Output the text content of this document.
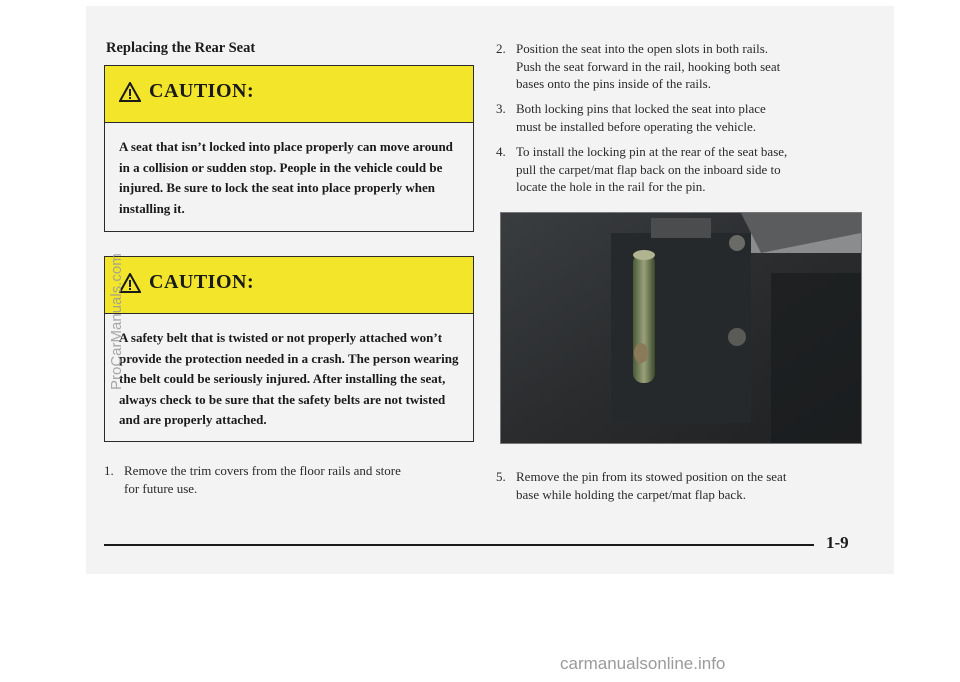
Replacing the Rear Seat
CAUTION:
A seat that isn’t locked into place properly can move around in a collision or sudden stop. People in the vehicle could be injured. Be sure to lock the seat into place properly when installing it.
CAUTION:
A safety belt that is twisted or not properly attached won’t provide the protection needed in a crash. The person wearing the belt could be seriously injured. After installing the seat, always check to be sure that the safety belts are not twisted and are properly attached.
1. Remove the trim covers from the floor rails and store
for future use.
2. Position the seat into the open slots in both rails.
Push the seat forward in the rail, hooking both seat
bases onto the pins inside of the rails.
3. Both locking pins that locked the seat into place
must be installed before operating the vehicle.
4. To install the locking pin at the rear of the seat base,
pull the carpet/mat flap back on the inboard side to
locate the hole in the rail for the pin.
5. Remove the pin from its stowed position on the seat
base while holding the carpet/mat flap back.
1-9
ProCarManuals.com
carmanualsonline.info
